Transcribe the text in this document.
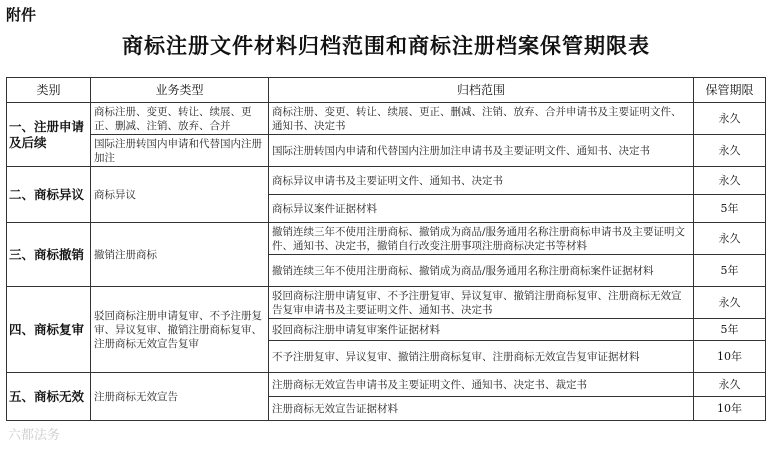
附件
商标注册文件材料归档范围和商标注册档案保管期限表
类别	业务类型	归档范围	保管期限
一、注册申请及后续	商标注册、变更、转让、续展、更正、删减、注销、放弃、合并	商标注册、变更、转让、续展、更正、删减、注销、放弃、合并申请书及主要证明文件、通知书、决定书	永久
	国际注册转国内申请和代替国内注册加注	国际注册转国内申请和代替国内注册加注申请书及主要证明文件、通知书、决定书	永久
二、商标异议	商标异议	商标异议申请书及主要证明文件、通知书、决定书	永久
		商标异议案件证据材料	5年
三、商标撤销	撤销注册商标	撤销连续三年不使用注册商标、撤销成为商品/服务通用名称注册商标申请书及主要证明文件、通知书、决定书，撤销自行改变注册事项注册商标决定书等材料	永久
		撤销连续三年不使用注册商标、撤销成为商品/服务通用名称注册商标案件证据材料	5年
四、商标复审	驳回商标注册申请复审、不予注册复审、异议复审、撤销注册商标复审、注册商标无效宣告复审	驳回商标注册申请复审、不予注册复审、异议复审、撤销注册商标复审、注册商标无效宣告复审申请书及主要证明文件、通知书、决定书	永久
		驳回商标注册申请复审案件证据材料	5年
		不予注册复审、异议复审、撤销注册商标复审、注册商标无效宣告复审证据材料	10年
五、商标无效	注册商标无效宣告	注册商标无效宣告申请书及主要证明文件、通知书、决定书、裁定书	永久
		注册商标无效宣告证据材料	10年
六都法务
